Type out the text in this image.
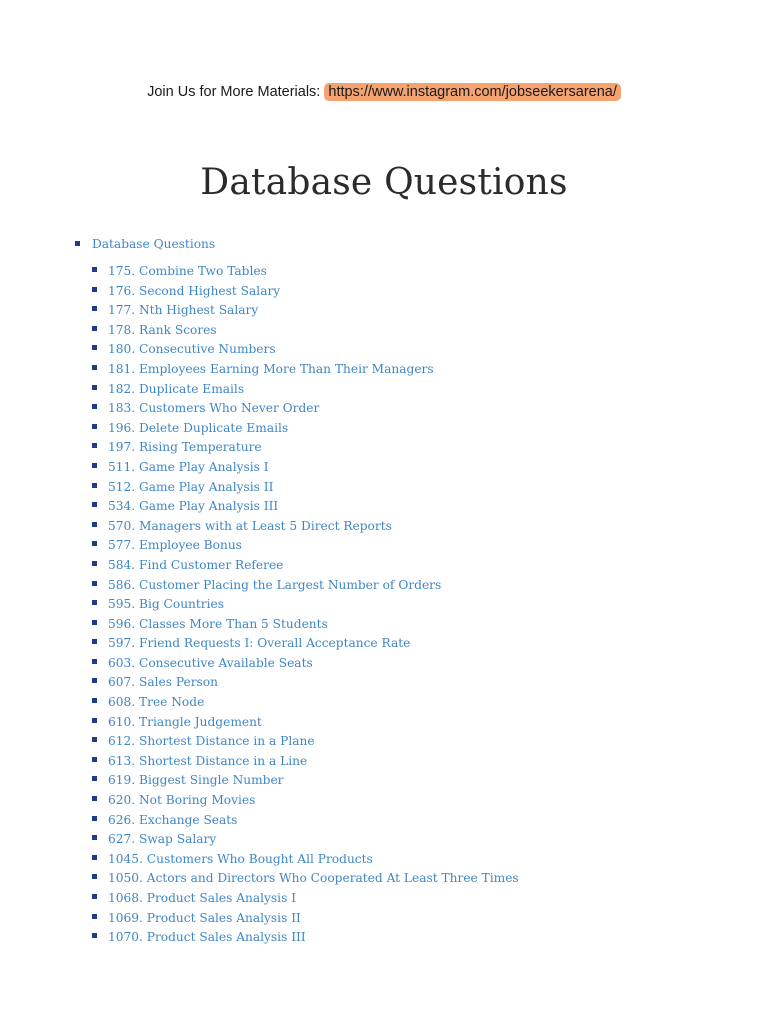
Join Us for More Materials: https://www.instagram.com/jobseekersarena/
Database Questions
Database Questions
175. Combine Two Tables
176. Second Highest Salary
177. Nth Highest Salary
178. Rank Scores
180. Consecutive Numbers
181. Employees Earning More Than Their Managers
182. Duplicate Emails
183. Customers Who Never Order
196. Delete Duplicate Emails
197. Rising Temperature
511. Game Play Analysis I
512. Game Play Analysis II
534. Game Play Analysis III
570. Managers with at Least 5 Direct Reports
577. Employee Bonus
584. Find Customer Referee
586. Customer Placing the Largest Number of Orders
595. Big Countries
596. Classes More Than 5 Students
597. Friend Requests I: Overall Acceptance Rate
603. Consecutive Available Seats
607. Sales Person
608. Tree Node
610. Triangle Judgement
612. Shortest Distance in a Plane
613. Shortest Distance in a Line
619. Biggest Single Number
620. Not Boring Movies
626. Exchange Seats
627. Swap Salary
1045. Customers Who Bought All Products
1050. Actors and Directors Who Cooperated At Least Three Times
1068. Product Sales Analysis I
1069. Product Sales Analysis II
1070. Product Sales Analysis III
